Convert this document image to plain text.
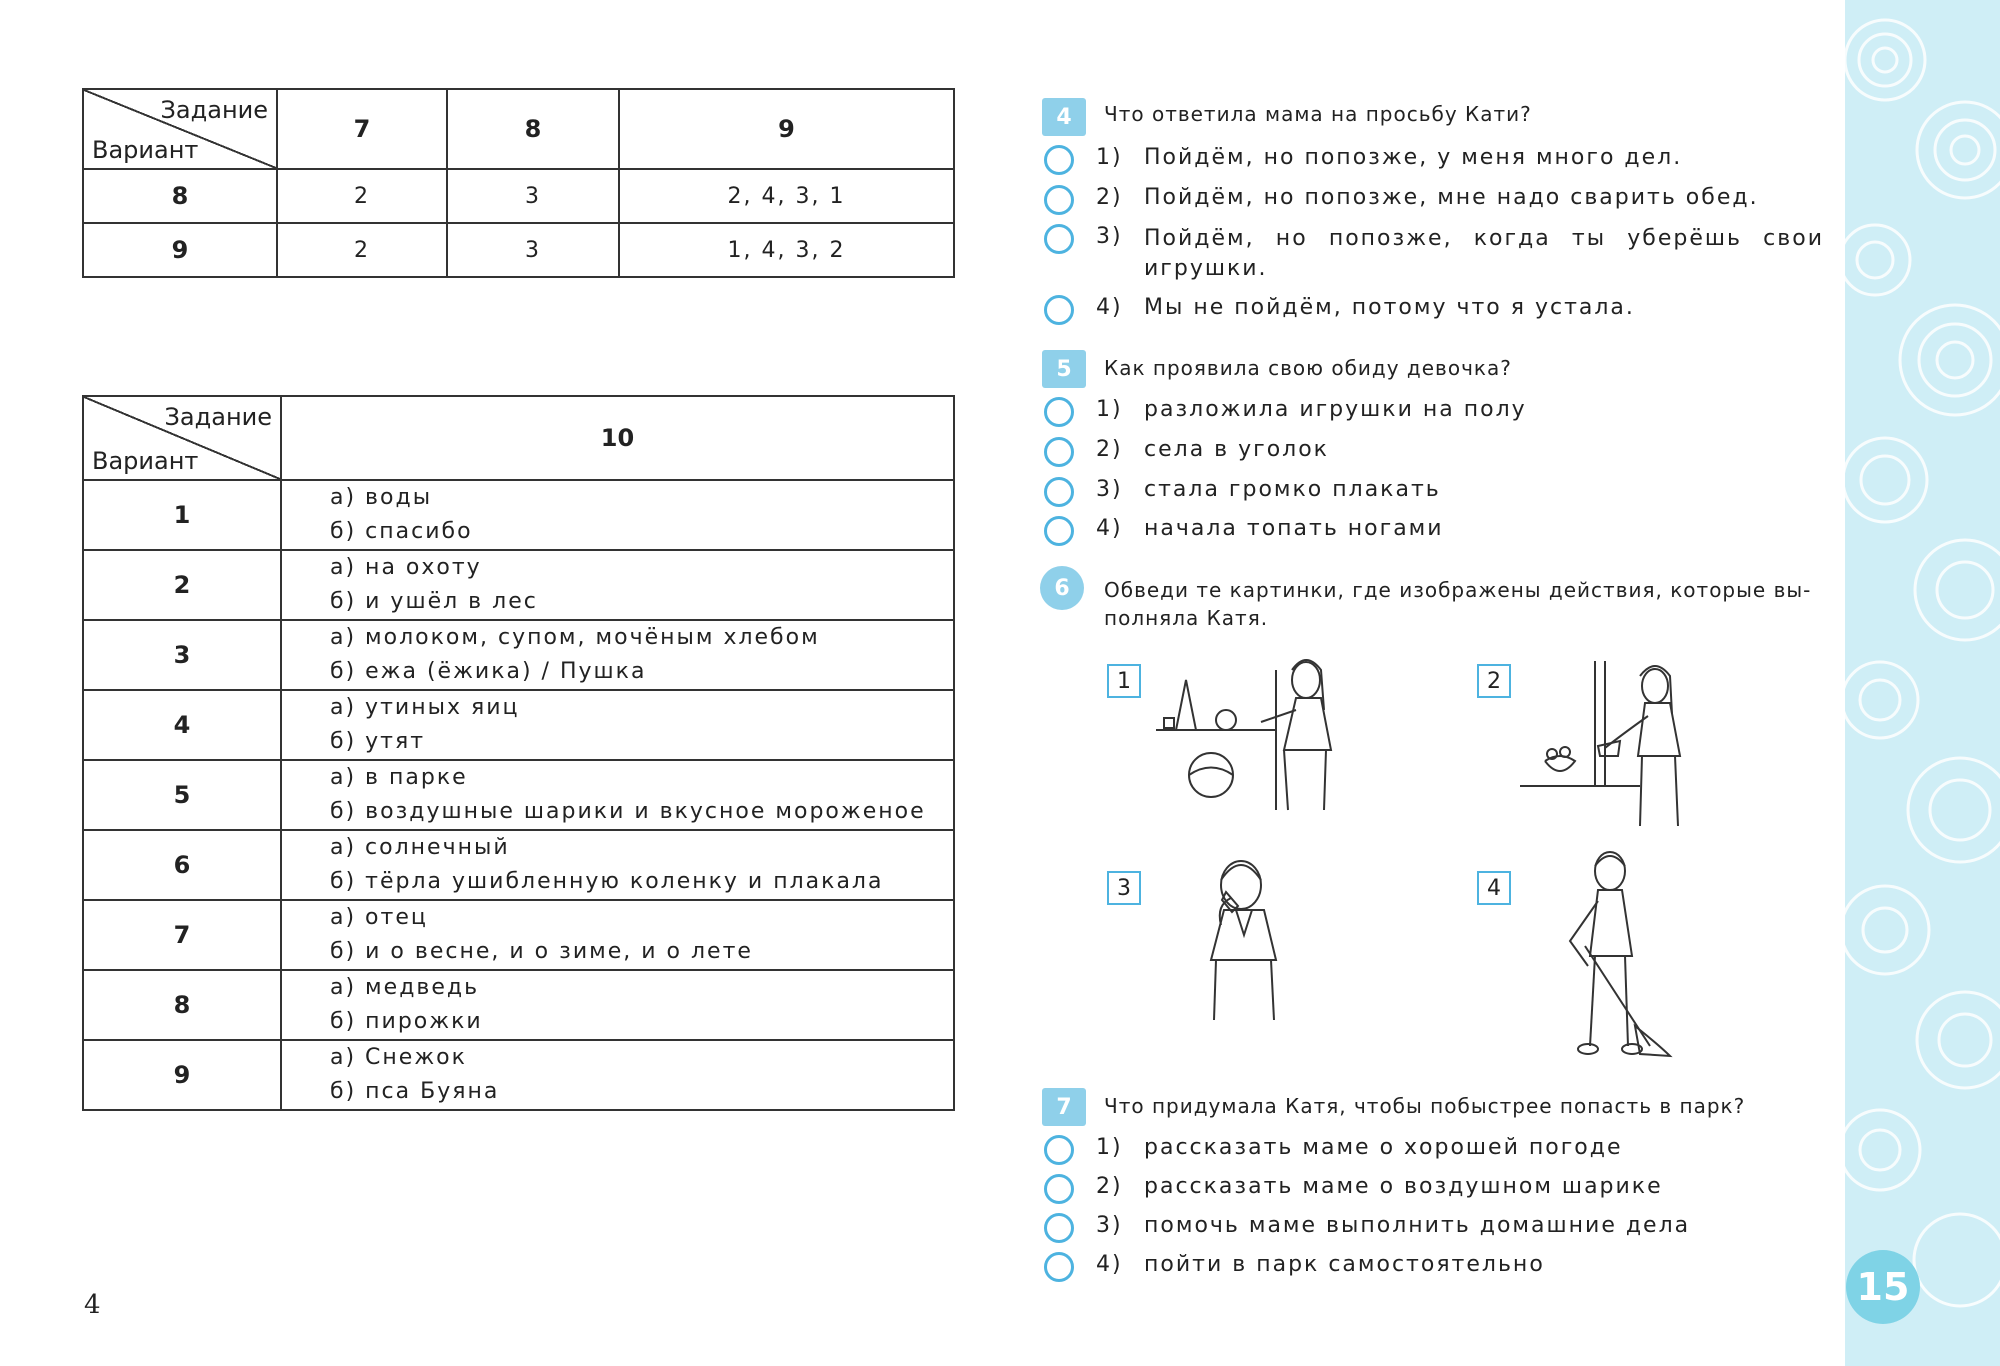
Задание
Вариант	7	8	9
8	2	3	2, 4, 3, 1
9	2	3	1, 4, 3, 2
Задание
Вариант	10
1	а) воды
б) спасибо

2	а) на охоту
б) и ушёл в лес

3	а) молоком, супом, мочёным хлебом
б) ежа (ёжика) / Пушка

4	а) утиных яиц
б) утят

5	а) в парке
б) воздушные шарики и вкусное мороженое

6	а) солнечный
б) тёрла ушибленную коленку и плакала

7	а) отец
б) и о весне, и о зиме, и о лете

8	а) медведь
б) пирожки

9	а) Снежок
б) пса Буяна
4
4	Что ответила мама на просьбу Кати?
1) Пойдём, но попозже, у меня много дел.
2) Пойдём, но попозже, мне надо сварить обед.
3) Пойдём, но попозже, когда ты уберёшь свои игрушки.
4) Мы не пойдём, потому что я устала.
5	Как проявила свою обиду девочка?
1) разложила игрушки на полу
2) села в уголок
3) стала громко плакать
4) начала топать ногами
6	Обведи те картинки, где изображены действия, которые вы-
полняла Катя.
1	2
3	4
7	Что придумала Катя, чтобы побыстрее попасть в парк?
1) рассказать маме о хорошей погоде
2) рассказать маме о воздушном шарике
3) помочь маме выполнить домашние дела
4) пойти в парк самостоятельно
15
